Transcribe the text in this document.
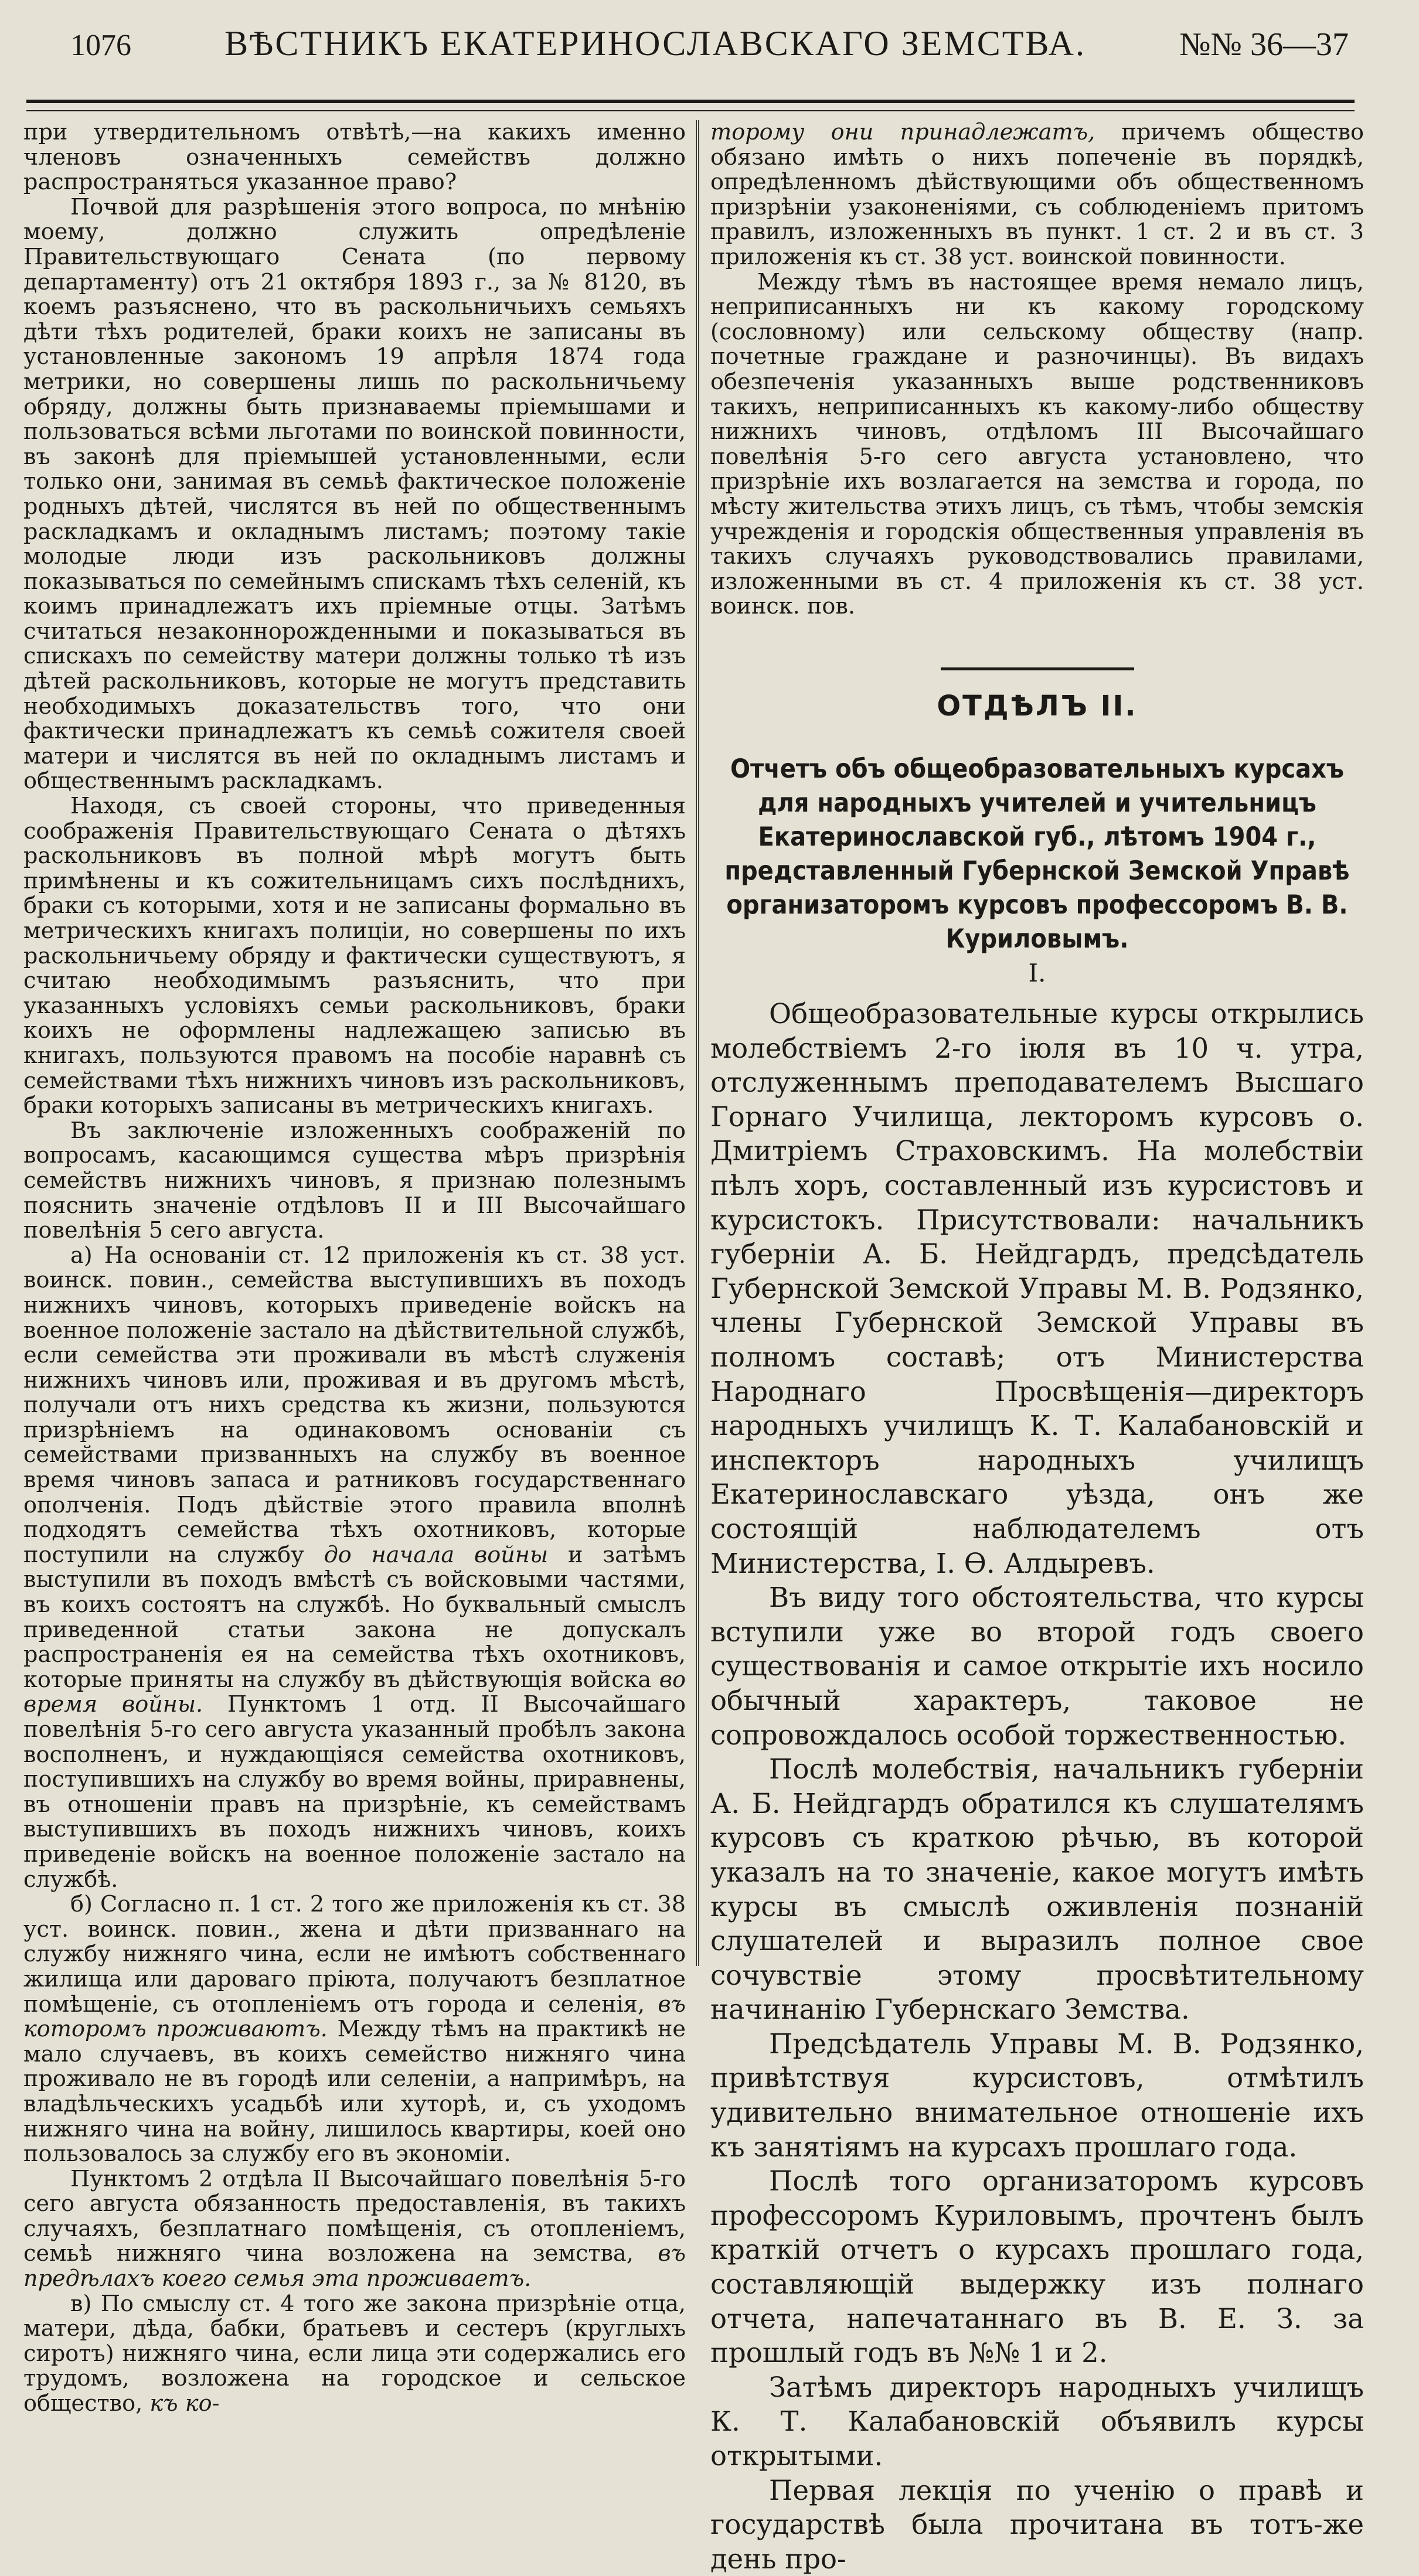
1076	ВѢСТНИКЪ ЕКАТЕРИНОСЛАВСКАГО ЗЕМСТВА.	№№ 36—37

при утвердительномъ отвѣтѣ,—на какихъ именно членовъ означенныхъ семействъ должно распространяться указанное право?

Почвой для разрѣшенія этого вопроса, по мнѣнію моему, должно служить опредѣленіе Правительствующаго Сената (по первому департаменту) отъ 21 октября 1893 г., за № 8120, въ коемъ разъяснено, что въ раскольничьихъ семьяхъ дѣти тѣхъ родителей, браки коихъ не записаны въ установленные закономъ 19 апрѣля 1874 года метрики, но совершены лишь по раскольничьему обряду, должны быть признаваемы пріемышами и пользоваться всѣми льготами по воинской повинности, въ законѣ для пріемышей установленными, если только они, занимая въ семьѣ фактическое положеніе родныхъ дѣтей, числятся въ ней по общественнымъ раскладкамъ и окладнымъ листамъ; поэтому такіе молодые люди изъ раскольниковъ должны показываться по семейнымъ спискамъ тѣхъ селеній, къ коимъ принадлежатъ ихъ пріемные отцы. Затѣмъ считаться незаконнорожденными и показываться въ спискахъ по семейству матери должны только тѣ изъ дѣтей раскольниковъ, которые не могутъ представить необходимыхъ доказательствъ того, что они фактически принадлежатъ къ семьѣ сожителя своей матери и числятся въ ней по окладнымъ листамъ и общественнымъ раскладкамъ.

Находя, съ своей стороны, что приведенныя соображенія Правительствующаго Сената о дѣтяхъ раскольниковъ въ полной мѣрѣ могутъ быть примѣнены и къ сожительницамъ сихъ послѣднихъ, браки съ которыми, хотя и не записаны формально въ метрическихъ книгахъ полиціи, но совершены по ихъ раскольничьему обряду и фактически существуютъ, я считаю необходимымъ разъяснить, что при указанныхъ условіяхъ семьи раскольниковъ, браки коихъ не оформлены надлежащею записью въ книгахъ, пользуются правомъ на пособіе наравнѣ съ семействами тѣхъ нижнихъ чиновъ изъ раскольниковъ, браки которыхъ записаны въ метрическихъ книгахъ.

Въ заключеніе изложенныхъ соображеній по вопросамъ, касающимся существа мѣръ призрѣнія семействъ нижнихъ чиновъ, я признаю полезнымъ пояснить значеніе отдѣловъ II и III Высочайшаго повелѣнія 5 сего августа.

а) На основаніи ст. 12 приложенія къ ст. 38 уст. воинск. повин., семейства выступившихъ въ походъ нижнихъ чиновъ, которыхъ приведеніе войскъ на военное положеніе застало на дѣйствительной службѣ, если семейства эти проживали въ мѣстѣ служенія нижнихъ чиновъ или, проживая и въ другомъ мѣстѣ, получали отъ нихъ средства къ жизни, пользуются призрѣніемъ на одинаковомъ основаніи съ семействами призванныхъ на службу въ военное время чиновъ запаса и ратниковъ государственнаго ополченія. Подъ дѣйствіе этого правила вполнѣ подходятъ семейства тѣхъ охотниковъ, которые поступили на службу до начала войны и затѣмъ выступили въ походъ вмѣстѣ съ войсковыми частями, въ коихъ состоятъ на службѣ. Но буквальный смыслъ приведенной статьи закона не допускалъ распространенія ея на семейства тѣхъ охотниковъ, которые приняты на службу въ дѣйствующія войска во время войны. Пунктомъ 1 отд. II Высочайшаго повелѣнія 5-го сего августа указанный пробѣлъ закона восполненъ, и нуждающіяся семейства охотниковъ, поступившихъ на службу во время войны, приравнены, въ отношеніи правъ на призрѣніе, къ семействамъ выступившихъ въ походъ нижнихъ чиновъ, коихъ приведеніе войскъ на военное положеніе застало на службѣ.

б) Согласно п. 1 ст. 2 того же приложенія къ ст. 38 уст. воинск. повин., жена и дѣти призваннаго на службу нижняго чина, если не имѣютъ собственнаго жилища или дароваго пріюта, получаютъ безплатное помѣщеніе, съ отопленіемъ отъ города и селенія, въ которомъ проживаютъ. Между тѣмъ на практикѣ не мало случаевъ, въ коихъ семейство нижняго чина проживало не въ городѣ или селеніи, а напримѣръ, на владѣльческихъ усадьбѣ или хуторѣ, и, съ уходомъ нижняго чина на войну, лишилось квартиры, коей оно пользовалось за службу его въ экономіи.

Пунктомъ 2 отдѣла II Высочайшаго повелѣнія 5-го сего августа обязанность предоставленія, въ такихъ случаяхъ, безплатнаго помѣщенія, съ отопленіемъ, семьѣ нижняго чина возложена на земства, въ предѣлахъ коего семья эта проживаетъ.

в) По смыслу ст. 4 того же закона призрѣніе отца, матери, дѣда, бабки, братьевъ и сестеръ (круглыхъ сиротъ) нижняго чина, если лица эти содержались его трудомъ, возложена на городское и сельское общество, къ ко-

торому они принадлежатъ, причемъ общество обязано имѣть о нихъ попеченіе въ порядкѣ, опредѣленномъ дѣйствующими объ общественномъ призрѣніи узаконеніями, съ соблюденіемъ притомъ правилъ, изложенныхъ въ пункт. 1 ст. 2 и въ ст. 3 приложенія къ ст. 38 уст. воинской повинности.

Между тѣмъ въ настоящее время немало лицъ, неприписанныхъ ни къ какому городскому (сословному) или сельскому обществу (напр. почетные граждане и разночинцы). Въ видахъ обезпеченія указанныхъ выше родственниковъ такихъ, неприписанныхъ къ какому-либо обществу нижнихъ чиновъ, отдѣломъ III Высочайшаго повелѣнія 5-го сего августа установлено, что призрѣніе ихъ возлагается на земства и города, по мѣсту жительства этихъ лицъ, съ тѣмъ, чтобы земскія учрежденія и городскія общественныя управленія въ такихъ случаяхъ руководствовались правилами, изложенными въ ст. 4 приложенія къ ст. 38 уст. воинск. пов.

ОТДѢЛЪ II.
Отчетъ объ общеобразовательныхъ курсахъ для народныхъ учителей и учительницъ Екатеринославской губ., лѣтомъ 1904 г., представленный Губернской Земской Управѣ организаторомъ курсовъ профессоромъ В. В. Куриловымъ.
I.

Общеобразовательные курсы открылись молебствіемъ 2-го іюля въ 10 ч. утра, отслуженнымъ преподавателемъ Высшаго Горнаго Училища, лекторомъ курсовъ о. Дмитріемъ Страховскимъ. На молебствіи пѣлъ хоръ, составленный изъ курсистовъ и курсистокъ. Присутствовали: начальникъ губерніи А. Б. Нейдгардъ, предсѣдатель Губернской Земской Управы М. В. Родзянко, члены Губернской Земской Управы въ полномъ составѣ; отъ Министерства Народнаго Просвѣщенія—директоръ народныхъ училищъ К. Т. Калабановскій и инспекторъ народныхъ училищъ Екатеринославскаго уѣзда, онъ же состоящій наблюдателемъ отъ Министерства, І. Ѳ. Алдыревъ.

Въ виду того обстоятельства, что курсы вступили уже во второй годъ своего существованія и самое открытіе ихъ носило обычный характеръ, таковое не сопровождалось особой торжественностью.

Послѣ молебствія, начальникъ губерніи А. Б. Нейдгардъ обратился къ слушателямъ курсовъ съ краткою рѣчью, въ которой указалъ на то значеніе, какое могутъ имѣть курсы въ смыслѣ оживленія познаній слушателей и выразилъ полное свое сочувствіе этому просвѣтительному начинанію Губернскаго Земства.

Предсѣдатель Управы М. В. Родзянко, привѣтствуя курсистовъ, отмѣтилъ удивительно внимательное отношеніе ихъ къ занятіямъ на курсахъ прошлаго года.

Послѣ того организаторомъ курсовъ профессоромъ Куриловымъ, прочтенъ былъ краткій отчетъ о курсахъ прошлаго года, составляющій выдержку изъ полнаго отчета, напечатаннаго въ В. Е. З. за прошлый годъ въ №№ 1 и 2.

Затѣмъ директоръ народныхъ училищъ К. Т. Калабановскій объявилъ курсы открытыми.

Первая лекція по ученію о правѣ и государствѣ была прочитана въ тотъ-же день про-
